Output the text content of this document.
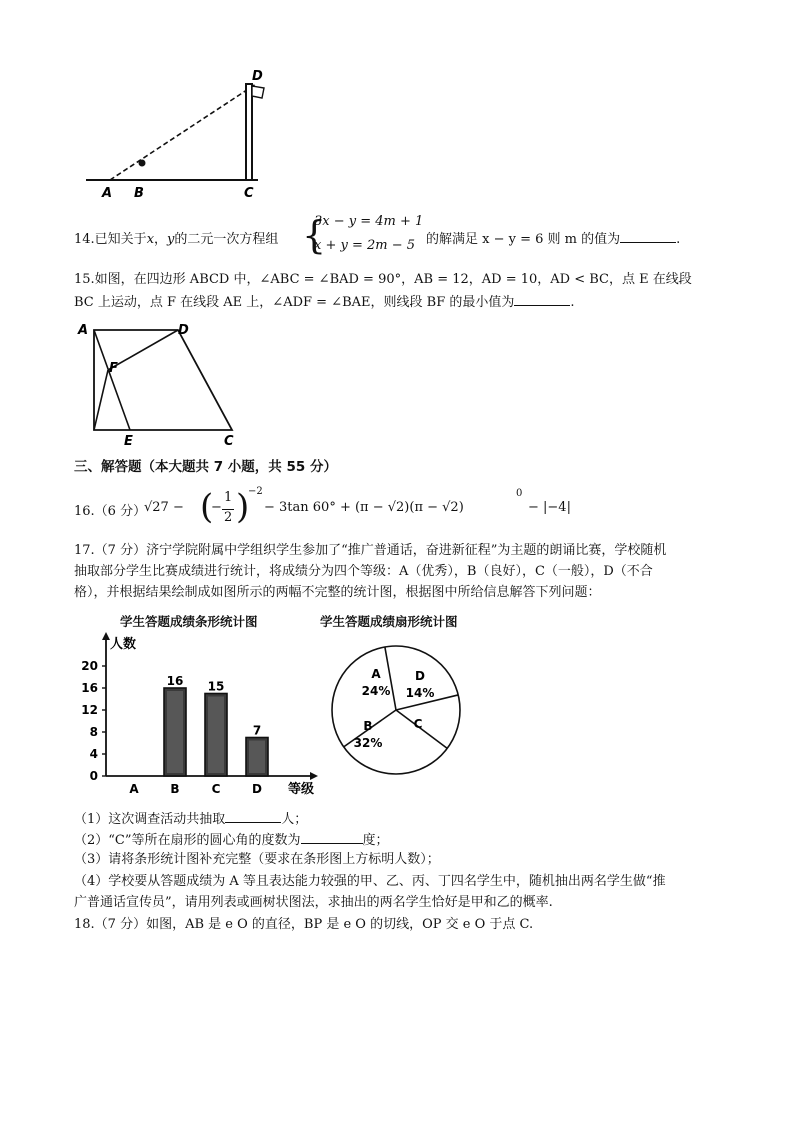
A B	C
D
14.已知关于x，y的二元一次方程组 {
3x − y = 4m + 1
x + y = 2m − 5 的解满足 x − y = 6 则 m 的值为	.
15.如图，在四边形 ABCD 中，∠ABC = ∠BAD = 90°，AB = 12，AD = 10，AD < BC，点 E 在线段
BC 上运动，点 F 在线段 AE 上，∠ADF = ∠BAE，则线段 BF 的最小值为	.
A	D
F
E	C
三、解答题（本大题共 7 小题，共 55 分）
16.（6 分）
√27 − (
−
1
2 )
−2
− 3tan 60° + (π − √2)(π − √2)
0
− |−4|
17.（7 分）济宁学院附属中学组织学生参加了“推广普通话，奋进新征程”为主题的朗诵比赛，学校随机
抽取部分学生比赛成绩进行统计，将成绩分为四个等级：A（优秀），B（良好），C（一般），D（不合
格），并根据结果绘制成如图所示的两幅不完整的统计图，根据图中所给信息解答下列问题：
学生答题成绩条形统计图
人数
等级
0
4
8
12
16
20
A	B	C	D
16 15
7
学生答题成绩扇形统计图
A
24%
D
14%
C
B
32%
（1）这次调查活动共抽取	人；
（2）“C”等所在扇形的圆心角的度数为	度；
（3）请将条形统计图补充完整（要求在条形图上方标明人数）；
（4）学校要从答题成绩为 A 等且表达能力较强的甲、乙、丙、丁四名学生中，随机抽出两名学生做“推
广普通话宣传员”，请用列表或画树状图法，求抽出的两名学生恰好是甲和乙的概率.
18.（7 分）如图，AB 是 e O 的直径，BP 是 e O 的切线，OP 交 e O 于点 C.
